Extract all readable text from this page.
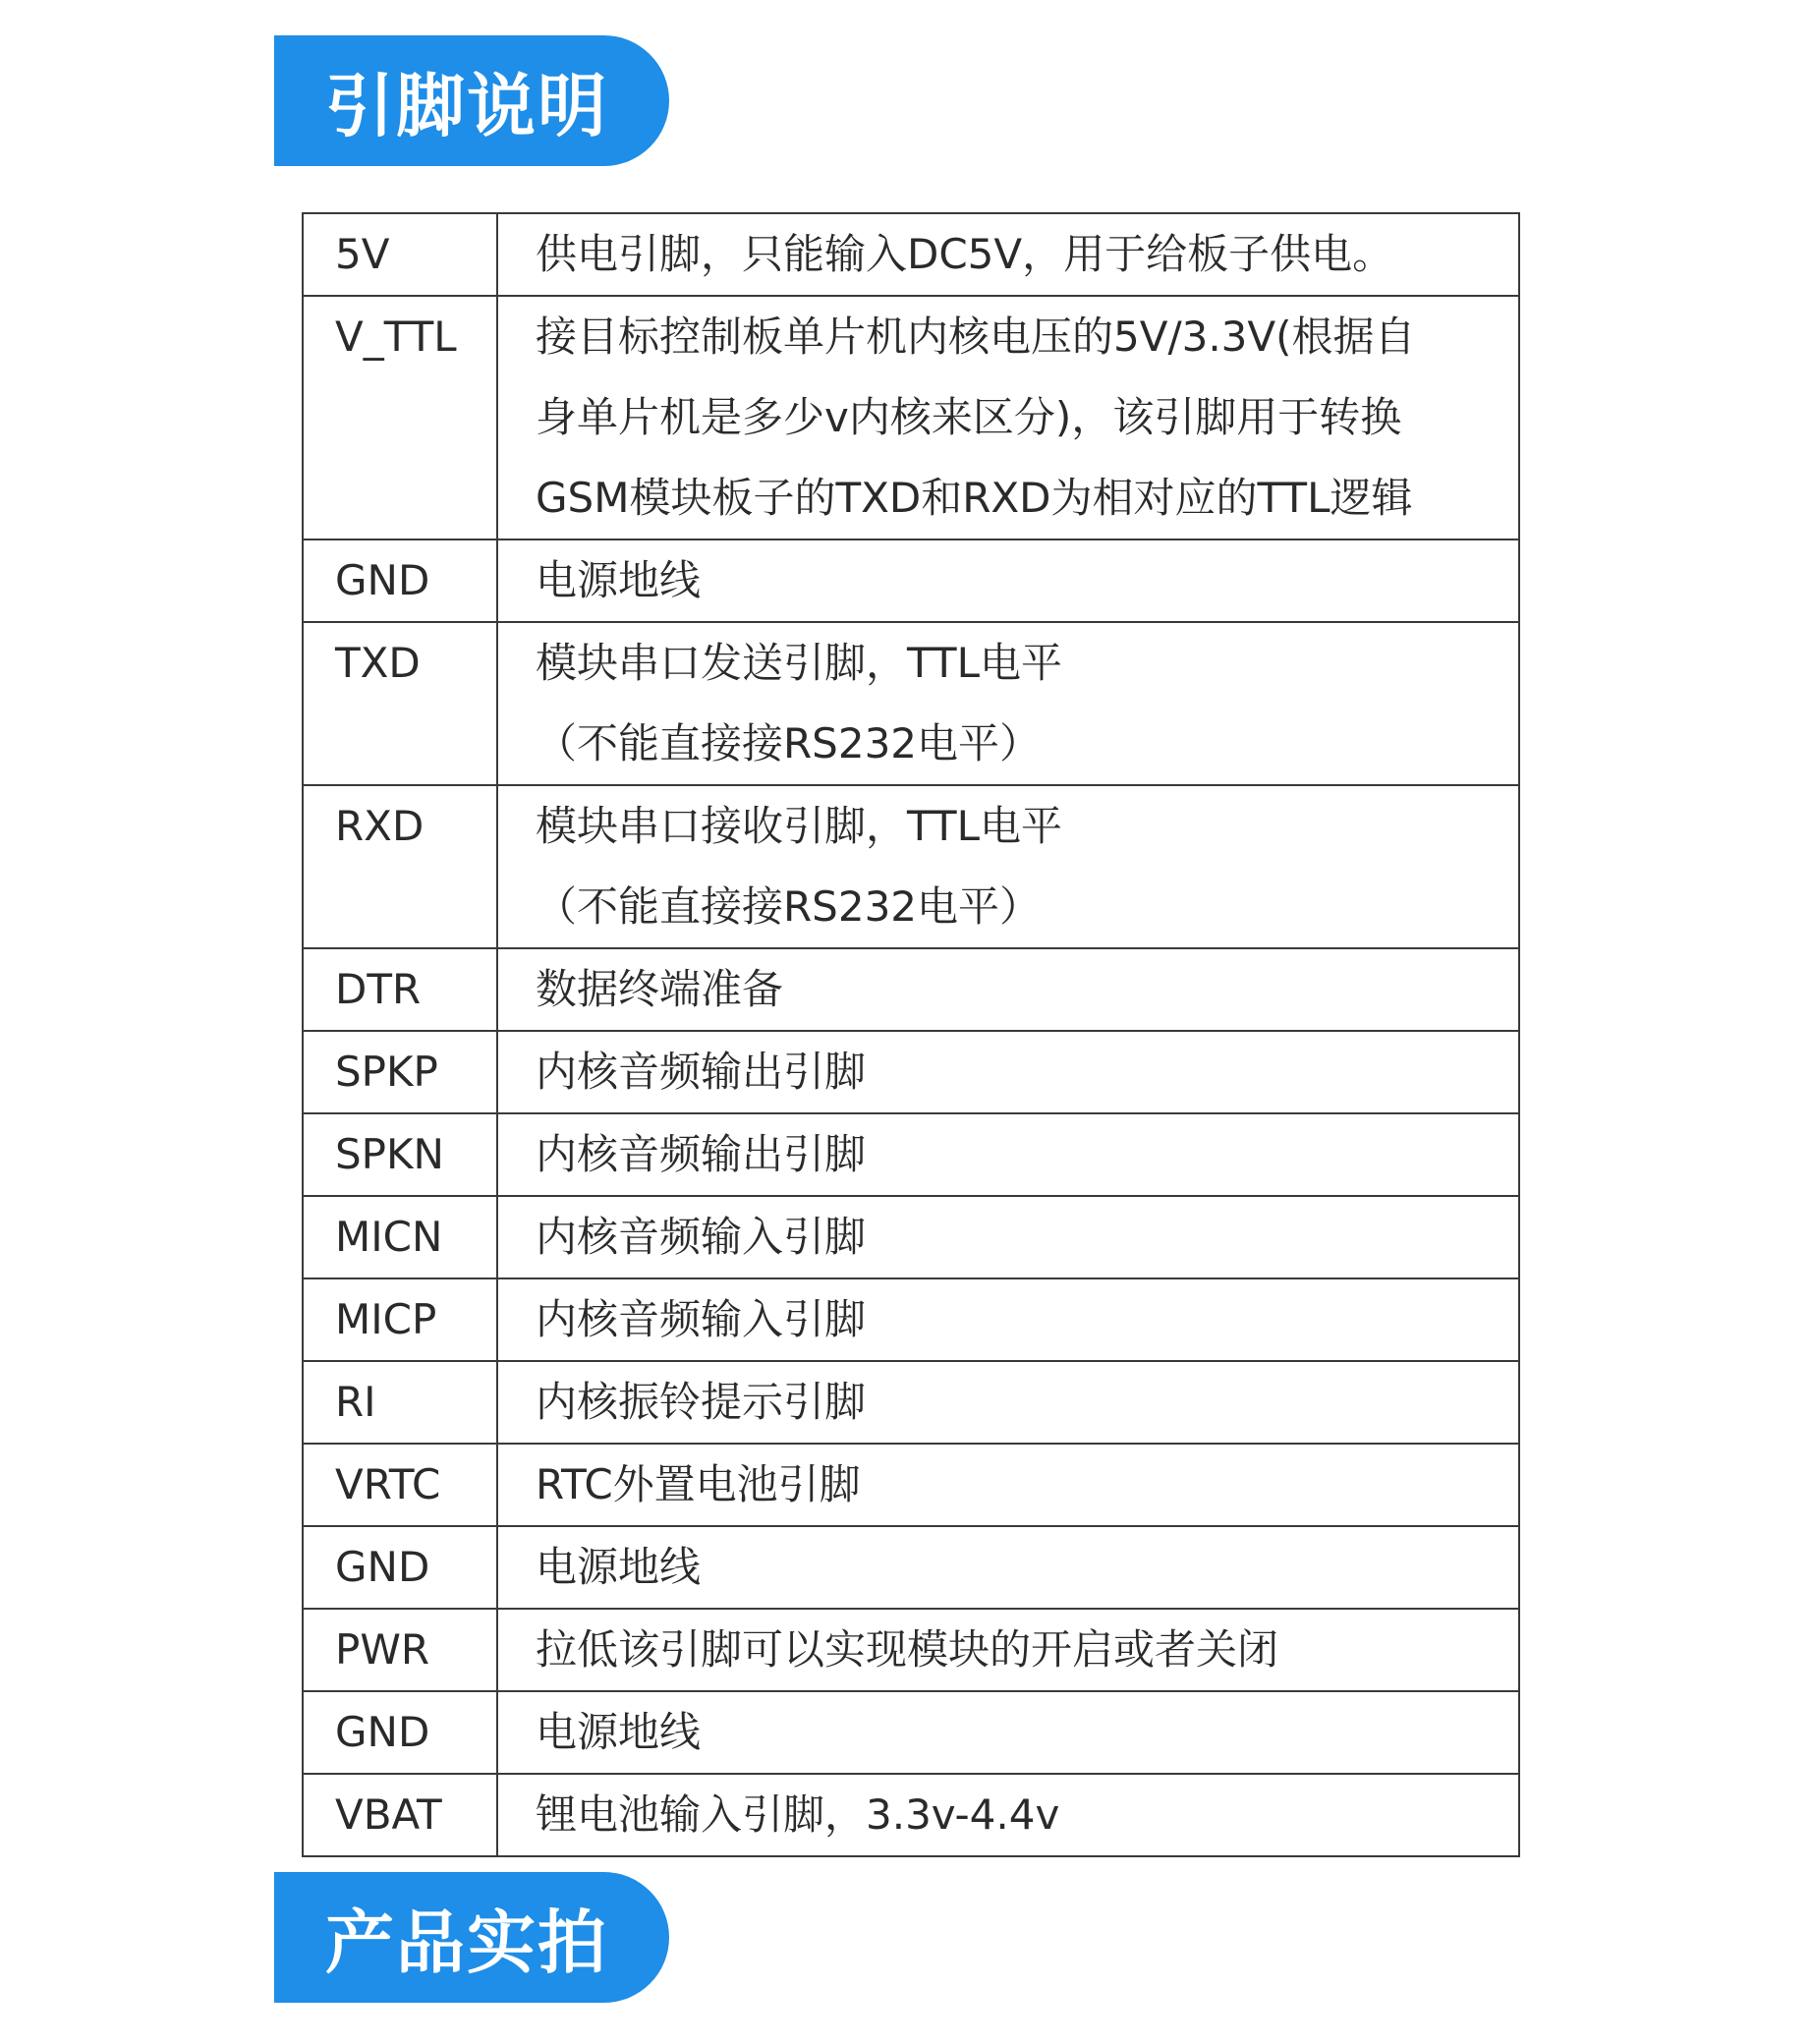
引脚说明
5V	供电引脚，只能输入DC5V，用于给板子供电。

V_TTL	接目标控制板单片机内核电压的5V/3.3V(根据自
身单片机是多少v内核来区分)，该引脚用于转换
GSM模块板子的TXD和RXD为相对应的TTL逻辑

GND	电源地线

TXD	模块串口发送引脚，TTL电平
（不能直接接RS232电平）

RXD	模块串口接收引脚，TTL电平
（不能直接接RS232电平）

DTR	数据终端准备

SPKP	内核音频输出引脚

SPKN	内核音频输出引脚

MICN	内核音频输入引脚

MICP	内核音频输入引脚

RI	内核振铃提示引脚

VRTC	RTC外置电池引脚

GND	电源地线

PWR	拉低该引脚可以实现模块的开启或者关闭

GND	电源地线

VBAT	锂电池输入引脚，3.3v-4.4v
产品实拍
